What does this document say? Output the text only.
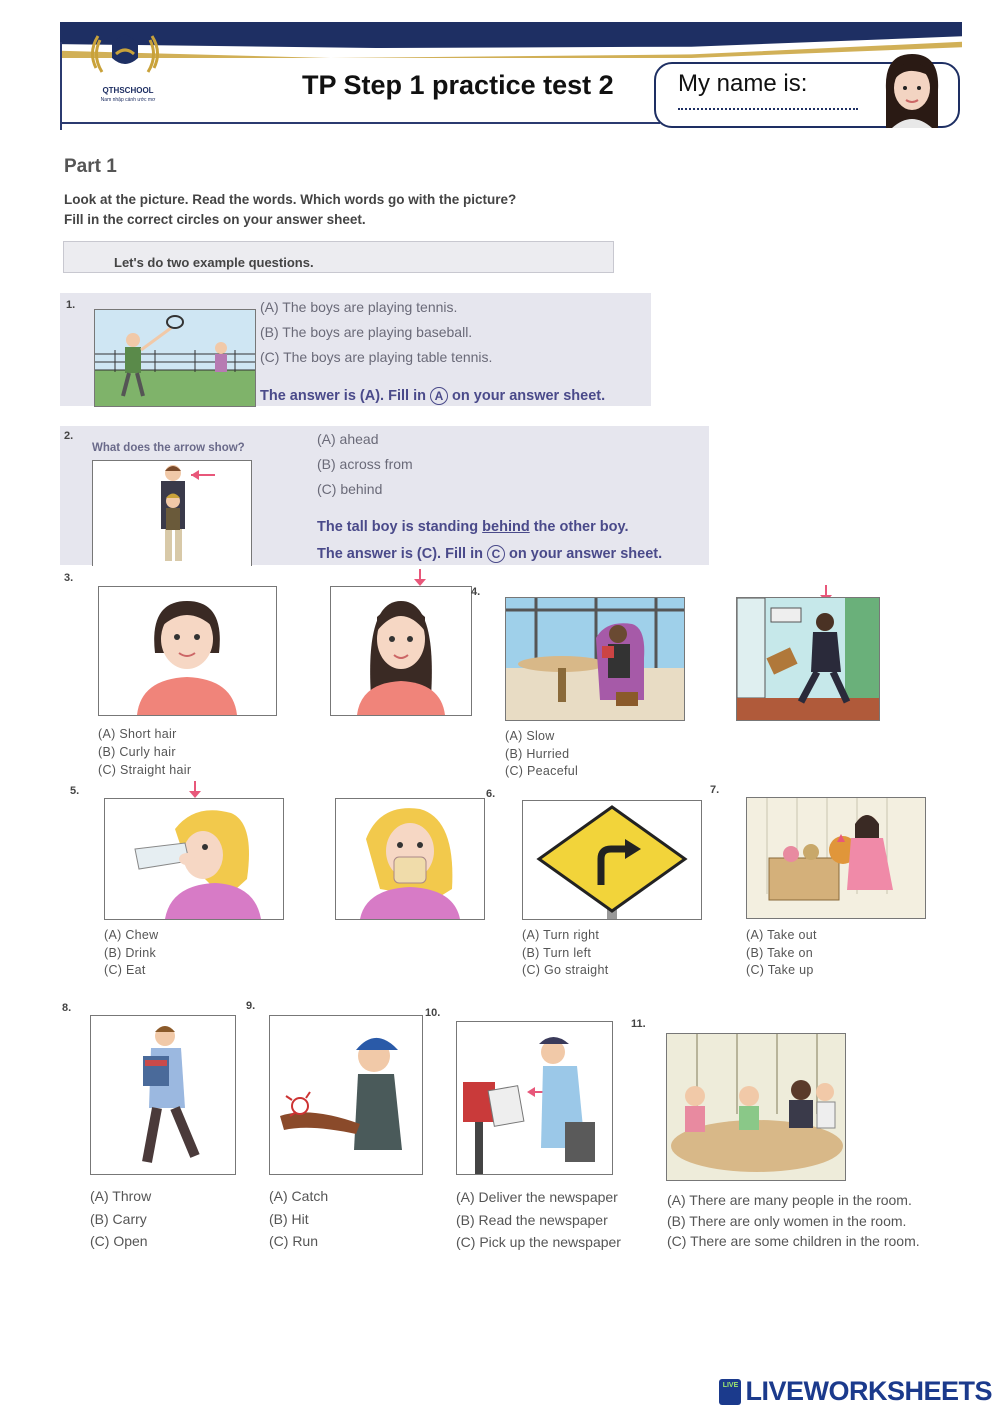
QTHSCHOOL
Nam nhập cánh ước mơ	TP Step 1 practice test 2	My name is:
Part 1
Look at the picture. Read the words. Which words go with the picture?
Fill in the correct circles on your answer sheet.
Let's do two example questions.
1.	(A) The boys are playing tennis.
(B) The boys are playing baseball.
(C) The boys are playing table tennis.
The answer is (A). Fill in A on your answer sheet.
2.
What does the arrow show?
(A) ahead
(B) across from
(C) behind
The tall boy is standing behind the other boy.
The answer is (C). Fill in C on your answer sheet.
3.
(A) Short hair
(B) Curly hair
(C) Straight hair
4.
(A) Slow
(B) Hurried
(C) Peaceful
5.
(A) Chew
(B) Drink
(C) Eat
6.
(A) Turn right
(B) Turn left
(C) Go straight
7.
(A) Take out
(B) Take on
(C) Take up
8.
(A) Throw
(B) Carry
(C) Open
9.
(A) Catch
(B) Hit
(C) Run
10.
(A) Deliver the newspaper
(B) Read the newspaper
(C) Pick up the newspaper
11.
(A) There are many people in the room.
(B) There are only women in the room.
(C) There are some children in the room.
LIVE LIVEWORKSHEETS
